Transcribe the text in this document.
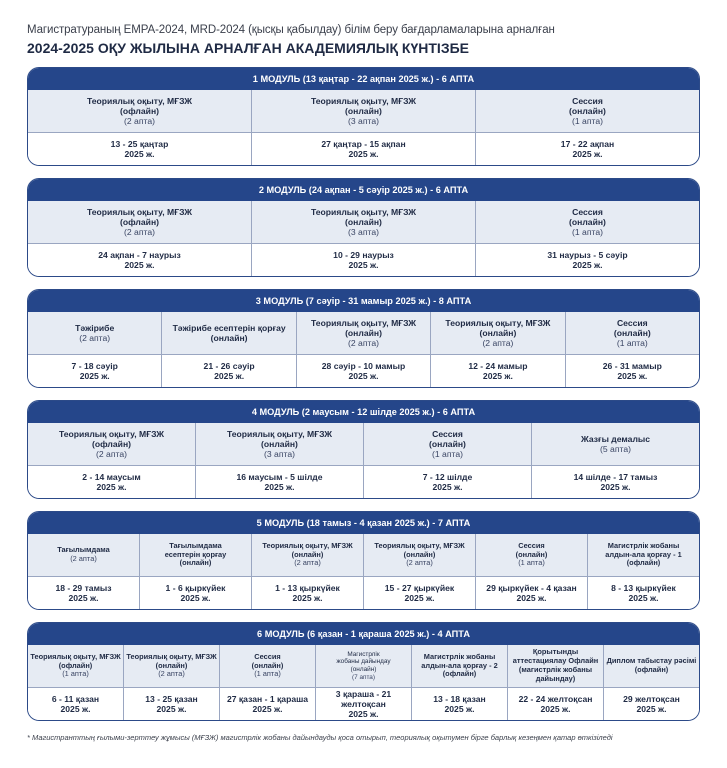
Магистратураның ЕМРА-2024, MRD-2024 (қысқы қабылдау) білім беру бағдарламаларына арналған
2024-2025 ОҚУ ЖЫЛЫНА АРНАЛҒАН АКАДЕМИЯЛЫҚ КҮНТІЗБЕ
1 МОДУЛЬ (13 қаңтар - 22 ақпан 2025 ж.) - 6 АПТА
Теориялық оқыту, МҒЗЖ
(офлайн)
(2 апта)
Теориялық оқыту, МҒЗЖ
(онлайн)
(3 апта)
Сессия
(онлайн)
(1 апта)
13 - 25 қаңтар
2025 ж.
27 қаңтар - 15 ақпан
2025 ж.
17 - 22 ақпан
2025 ж.
2 МОДУЛЬ (24 ақпан - 5 сәуір 2025 ж.) - 6 АПТА
Теориялық оқыту, МҒЗЖ
(офлайн)
(2 апта)
Теориялық оқыту, МҒЗЖ
(онлайн)
(3 апта)
Сессия
(онлайн)
(1 апта)
24 ақпан - 7 наурыз
2025 ж.
10 - 29 наурыз
2025 ж.
31 наурыз - 5 сәуір
2025 ж.
3 МОДУЛЬ (7 сәуір - 31 мамыр 2025 ж.) - 8 АПТА
Тәжірибе
(2 апта)
Тәжірибе есептерін қорғау
(онлайн)
Теориялық оқыту, МҒЗЖ
(онлайн)
(2 апта)
Теориялық оқыту, МҒЗЖ
(онлайн)
(2 апта)
Сессия
(онлайн)
(1 апта)
7 - 18 сәуір
2025 ж.
21 - 26 сәуір
2025 ж.
28 сәуір - 10 мамыр
2025 ж.
12 - 24 мамыр
2025 ж.
26 - 31 мамыр
2025 ж.
4 МОДУЛЬ (2 маусым - 12 шілде 2025 ж.) - 6 АПТА
Теориялық оқыту, МҒЗЖ
(офлайн)
(2 апта)
Теориялық оқыту, МҒЗЖ
(онлайн)
(3 апта)
Сессия
(онлайн)
(1 апта)
Жазғы демалыс
(5 апта)
2 - 14 маусым
2025 ж.
16 маусым - 5 шілде
2025 ж.
7 - 12 шілде
2025 ж.
14 шілде - 17 тамыз
2025 ж.
5 МОДУЛЬ (18 тамыз - 4 қазан 2025 ж.) - 7 АПТА
Тағылымдама
(2 апта)
Тағылымдама
есептерін қорғау
(онлайн)
Теориялық оқыту, МҒЗЖ
(онлайн)
(2 апта)
Теориялық оқыту, МҒЗЖ
(онлайн)
(2 апта)
Сессия
(онлайн)
(1 апта)
Магистрлік жобаны
алдын-ала қорғау - 1
(офлайн)
18 - 29 тамыз
2025 ж.
1 - 6 қыркүйек
2025 ж.
1 - 13 қыркүйек
2025 ж.
15 - 27 қыркүйек
2025 ж.
29 қыркүйек - 4 қазан
2025 ж.
8 - 13 қыркүйек
2025 ж.
6 МОДУЛЬ (6 қазан - 1 қараша 2025 ж.) - 4 АПТА
Теориялық оқыту, МҒЗЖ
(офлайн)
(1 апта)
Теориялық оқыту, МҒЗЖ
(онлайн)
(2 апта)
Сессия
(онлайн)
(1 апта)
Магистрлік
жобаны дайындау
(онлайн)
(7 апта)
Магистрлік жобаны
алдын-ала қорғау - 2
(офлайн)
Қорытынды
аттестациялау Офлайн
(магистрлік жобаны дайындау)
Диплом табыстау рәсімі
(офлайн)
6 - 11 қазан
2025 ж.
13 - 25 қазан
2025 ж.
27 қазан - 1 қараша
2025 ж.
3 қараша - 21 желтоқсан
2025 ж.
13 - 18 қазан
2025 ж.
22 - 24 желтоқсан
2025 ж.
29 желтоқсан
2025 ж.
* Магистранттың ғылыми-зерттеу жұмысы (МҒЗЖ) магистрлік жобаны дайындауды қоса отырып, теориялық оқытумен бірге барлық кезеңмен қатар өткізіледі
